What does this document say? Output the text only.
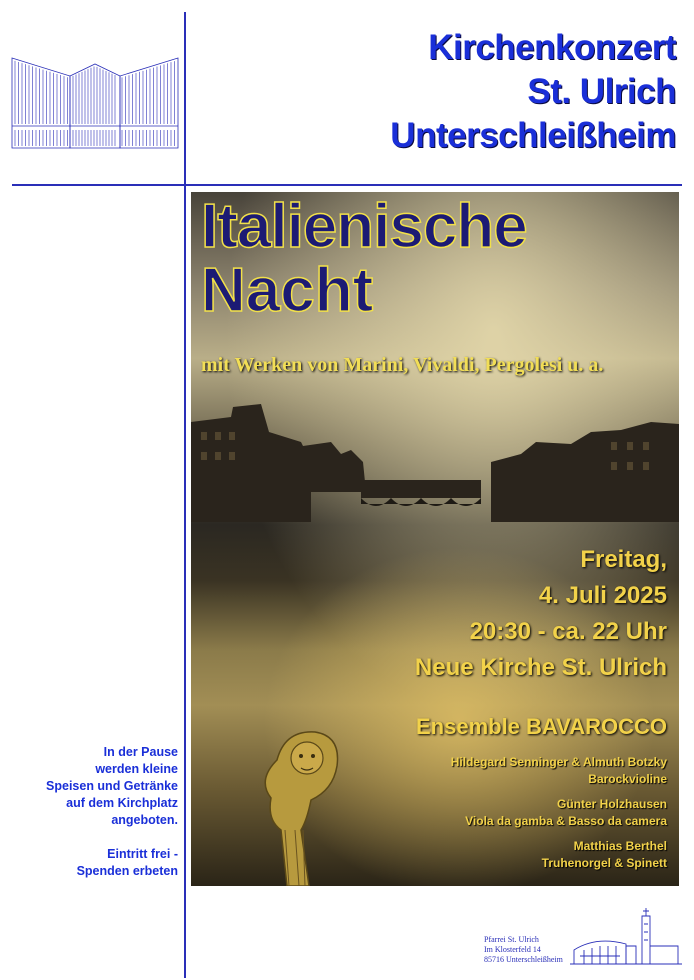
Kirchenkonzert
St. Ulrich
Unterschleißheim
Italienische
Nacht
mit Werken von Marini, Vivaldi, Pergolesi u. a.
Freitag,
4. Juli 2025
20:30 - ca. 22 Uhr
Neue Kirche St. Ulrich
Ensemble BAVAROCCO
Hildegard Senninger & Almuth Botzky
Barockvioline
Günter Holzhausen
Viola da gamba & Basso da camera
Matthias Berthel
Truhenorgel & Spinett
In der Pause
werden kleine
Speisen und Getränke
auf dem Kirchplatz
angeboten.
Eintritt frei -
Spenden erbeten
Pfarrei St. Ulrich
Im Klosterfeld 14
85716 Unterschleißheim
